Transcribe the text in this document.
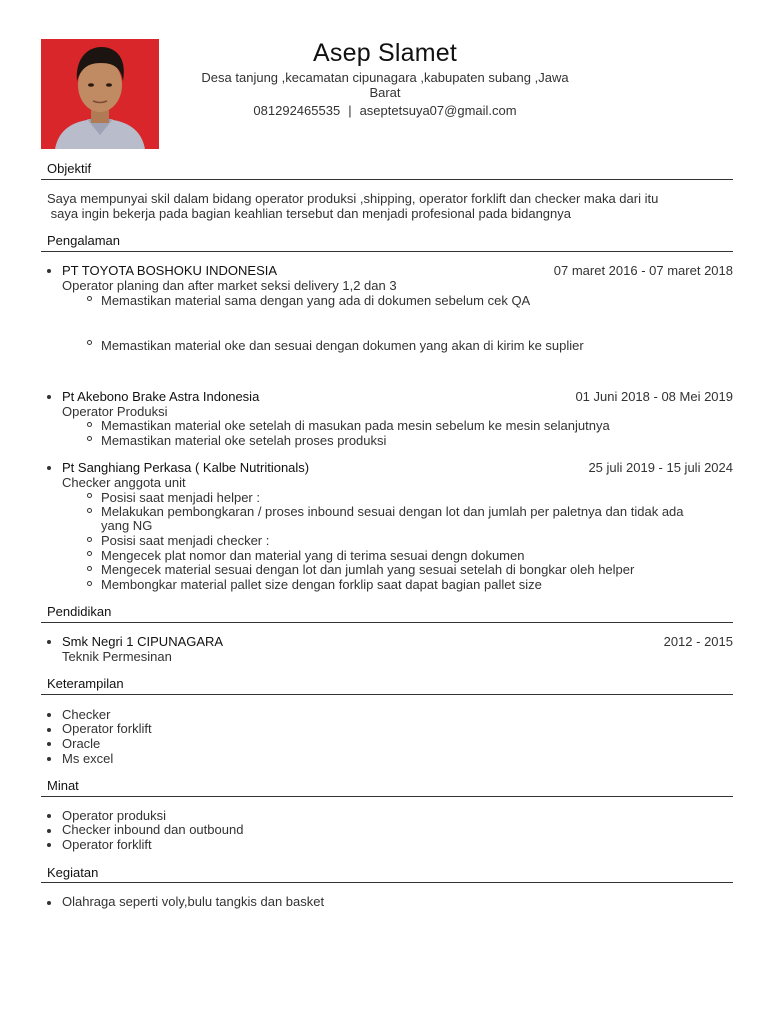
Asep Slamet
Desa tanjung ,kecamatan cipunagara ,kabupaten subang ,Jawa
Barat
081292465535 | aseptetsuya07@gmail.com
Objektif
Saya mempunyai skil dalam bidang operator produksi ,shipping, operator forklift dan checker maka dari itu
saya ingin bekerja pada bagian keahlian tersebut dan menjadi profesional pada bidangnya
Pengalaman
PT TOYOTA BOSHOKU INDONESIA	07 maret 2016 - 07 maret 2018
Operator planing dan after market seksi delivery 1,2 dan 3
Memastikan material sama dengan yang ada di dokumen sebelum cek QA
Memastikan material oke dan sesuai dengan dokumen yang akan di kirim ke suplier
Pt Akebono Brake Astra Indonesia	01 Juni 2018 - 08 Mei 2019
Operator Produksi
Memastikan material oke setelah di masukan pada mesin sebelum ke mesin selanjutnya
Memastikan material oke setelah proses produksi
Pt Sanghiang Perkasa ( Kalbe Nutritionals)	25 juli 2019 - 15 juli 2024
Checker anggota unit
Posisi saat menjadi helper :
Melakukan pembongkaran / proses inbound sesuai dengan lot dan jumlah per paletnya dan tidak ada
yang NG
Posisi saat menjadi checker :
Mengecek plat nomor dan material yang di terima sesuai dengn dokumen
Mengecek material sesuai dengan lot dan jumlah yang sesuai setelah di bongkar oleh helper
Membongkar material pallet size dengan forklip saat dapat bagian pallet size
Pendidikan
Smk Negri 1 CIPUNAGARA	2012 - 2015
Teknik Permesinan
Keterampilan
Checker
Operator forklift
Oracle
Ms excel
Minat
Operator produksi
Checker inbound dan outbound
Operator forklift
Kegiatan
Olahraga seperti voly,bulu tangkis dan basket
